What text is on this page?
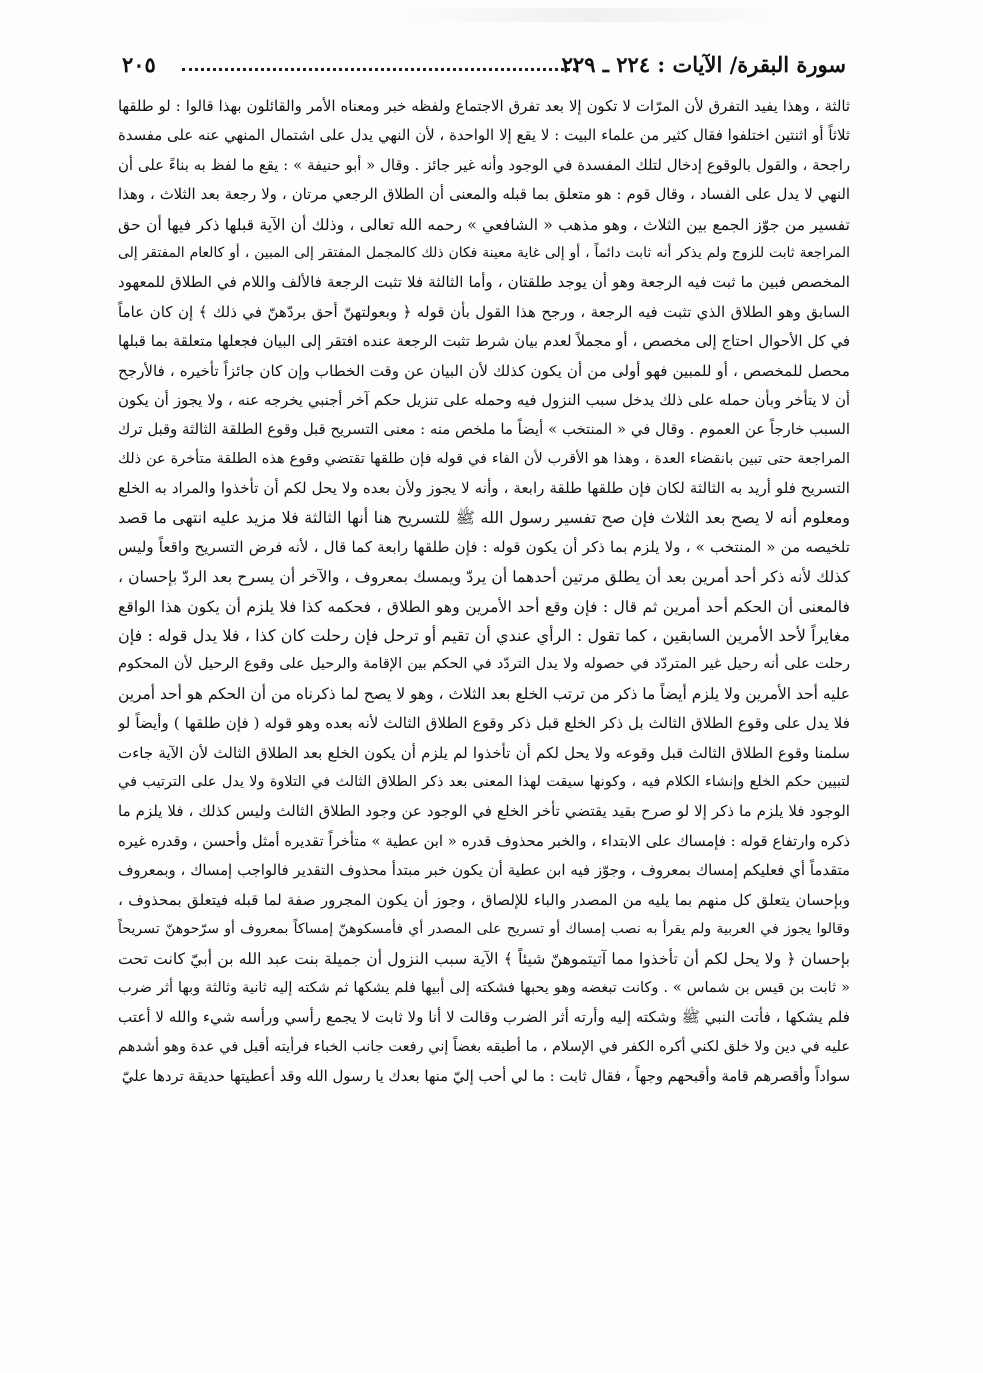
سورة البقرة/ الآيات : ٢٢٤ ـ ٢٢٩
٢٠٥
ثالثة ، وهذا يفيد التفرق لأن المرّات لا تكون إلا بعد تفرق الاجتماع ولفظه خبر ومعناه الأمر والقائلون بهذا قالوا : لو طلقها
ثلاثاً أو اثنتين اختلفوا فقال كثير من علماء البيت : لا يقع إلا الواحدة ، لأن النهي يدل على اشتمال المنهي عنه على مفسدة
راجحة ، والقول بالوقوع إدخال لتلك المفسدة في الوجود وأنه غير جائز . وقال « أبو حنيفة » : يقع ما لفظ به بناءً على أن
النهي لا يدل على الفساد ، وقال قوم : هو متعلق بما قبله والمعنى أن الطلاق الرجعي مرتان ، ولا رجعة بعد الثلاث ، وهذا
تفسير من جوّز الجمع بين الثلاث ، وهو مذهب « الشافعي » رحمه الله تعالى ، وذلك أن الآية قبلها ذكر فيها أن حق
المراجعة ثابت للزوج ولم يذكر أنه ثابت دائماً ، أو إلى غاية معينة فكان ذلك كالمجمل المفتقر إلى المبين ، أو كالعام المفتقر إلى
المخصص فبين ما ثبت فيه الرجعة وهو أن يوجد طلقتان ، وأما الثالثة فلا تثبت الرجعة فالألف واللام في الطلاق للمعهود
السابق وهو الطلاق الذي تثبت فيه الرجعة ، ورجح هذا القول بأن قوله ﴿ وبعولتهنّ أحق بردّهنّ في ذلك ﴾ إن كان عاماً
في كل الأحوال احتاج إلى مخصص ، أو مجملاً لعدم بيان شرط تثبت الرجعة عنده افتقر إلى البيان فجعلها متعلقة بما قبلها
محصل للمخصص ، أو للمبين فهو أولى من أن يكون كذلك لأن البيان عن وقت الخطاب وإن كان جائزاً تأخيره ، فالأرجح
أن لا يتأخر وبأن حمله على ذلك يدخل سبب النزول فيه وحمله على تنزيل حكم آخر أجنبي يخرجه عنه ، ولا يجوز أن يكون
السبب خارجاً عن العموم . وقال في « المنتخب » أيضاً ما ملخص منه : معنى التسريح قبل وقوع الطلقة الثالثة وقبل ترك
المراجعة حتى تبين بانقضاء العدة ، وهذا هو الأقرب لأن الفاء في قوله فإن طلقها تقتضي وقوع هذه الطلقة متأخرة عن ذلك
التسريح فلو أريد به الثالثة لكان فإن طلقها طلقة رابعة ، وأنه لا يجوز ولأن بعده ولا يحل لكم أن تأخذوا والمراد به الخلع
ومعلوم أنه لا يصح بعد الثلاث فإن صح تفسير رسول الله ﷺ للتسريح هنا أنها الثالثة فلا مزيد عليه انتهى ما قصد
تلخيصه من « المنتخب » ، ولا يلزم بما ذكر أن يكون قوله : فإن طلقها رابعة كما قال ، لأنه فرض التسريح واقعاً وليس
كذلك لأنه ذكر أحد أمرين بعد أن يطلق مرتين أحدهما أن يردّ ويمسك بمعروف ، والآخر أن يسرح بعد الردّ بإحسان ،
فالمعنى أن الحكم أحد أمرين ثم قال : فإن وقع أحد الأمرين وهو الطلاق ، فحكمه كذا فلا يلزم أن يكون هذا الواقع
مغايراً لأحد الأمرين السابقين ، كما تقول : الرأي عندي أن تقيم أو ترحل فإن رحلت كان كذا ، فلا يدل قوله : فإن
رحلت على أنه رحيل غير المتردّد في حصوله ولا يدل التردّد في الحكم بين الإقامة والرحيل على وقوع الرحيل لأن المحكوم
عليه أحد الأمرين ولا يلزم أيضاً ما ذكر من ترتب الخلع بعد الثلاث ، وهو لا يصح لما ذكرناه من أن الحكم هو أحد أمرين
فلا يدل على وقوع الطلاق الثالث بل ذكر الخلع قبل ذكر وقوع الطلاق الثالث لأنه بعده وهو قوله ( فإن طلقها ) وأيضاً لو
سلمنا وقوع الطلاق الثالث قبل وقوعه ولا يحل لكم أن تأخذوا لم يلزم أن يكون الخلع بعد الطلاق الثالث لأن الآية جاءت
لتبيين حكم الخلع وإنشاء الكلام فيه ، وكونها سيقت لهذا المعنى بعد ذكر الطلاق الثالث في التلاوة ولا يدل على الترتيب في
الوجود فلا يلزم ما ذكر إلا لو صرح بقيد يقتضي تأخر الخلع في الوجود عن وجود الطلاق الثالث وليس كذلك ، فلا يلزم ما
ذكره وارتفاع قوله : فإمساك على الابتداء ، والخبر محذوف قدره « ابن عطية » متأخراً تقديره أمثل وأحسن ، وقدره غيره
متقدماً أي فعليكم إمساك بمعروف ، وجوّز فيه ابن عطية أن يكون خبر مبتدأ محذوف التقدير فالواجب إمساك ، وبمعروف
وبإحسان يتعلق كل منهم بما يليه من المصدر والباء للإلصاق ، وجوز أن يكون المجرور صفة لما قبله فيتعلق بمحذوف ،
وقالوا يجوز في العربية ولم يقرأ به نصب إمساك أو تسريح على المصدر أي فأمسكوهنّ إمساكاً بمعروف أو سرّحوهنّ تسريحاً
بإحسان ﴿ ولا يحل لكم أن تأخذوا مما آتيتموهنّ شيئاً ﴾ الآية سبب النزول أن جميلة بنت عبد الله بن أبيّ كانت تحت
« ثابت بن قيس بن شماس » . وكانت تبغضه وهو يحبها فشكته إلى أبيها فلم يشكها ثم شكته إليه ثانية وثالثة وبها أثر ضرب
فلم يشكها ، فأتت النبي ﷺ وشكته إليه وأرته أثر الضرب وقالت لا أنا ولا ثابت لا يجمع رأسي ورأسه شيء والله لا أعتب
عليه في دين ولا خلق لكني أكره الكفر في الإسلام ، ما أطيقه بغضاً إني رفعت جانب الخباء فرأيته أقبل في عدة وهو أشدهم
سواداً وأقصرهم قامة وأقبحهم وجهاً ، فقال ثابت : ما لي أحب إليّ منها بعدك يا رسول الله وقد أعطيتها حديقة تردها عليّ
